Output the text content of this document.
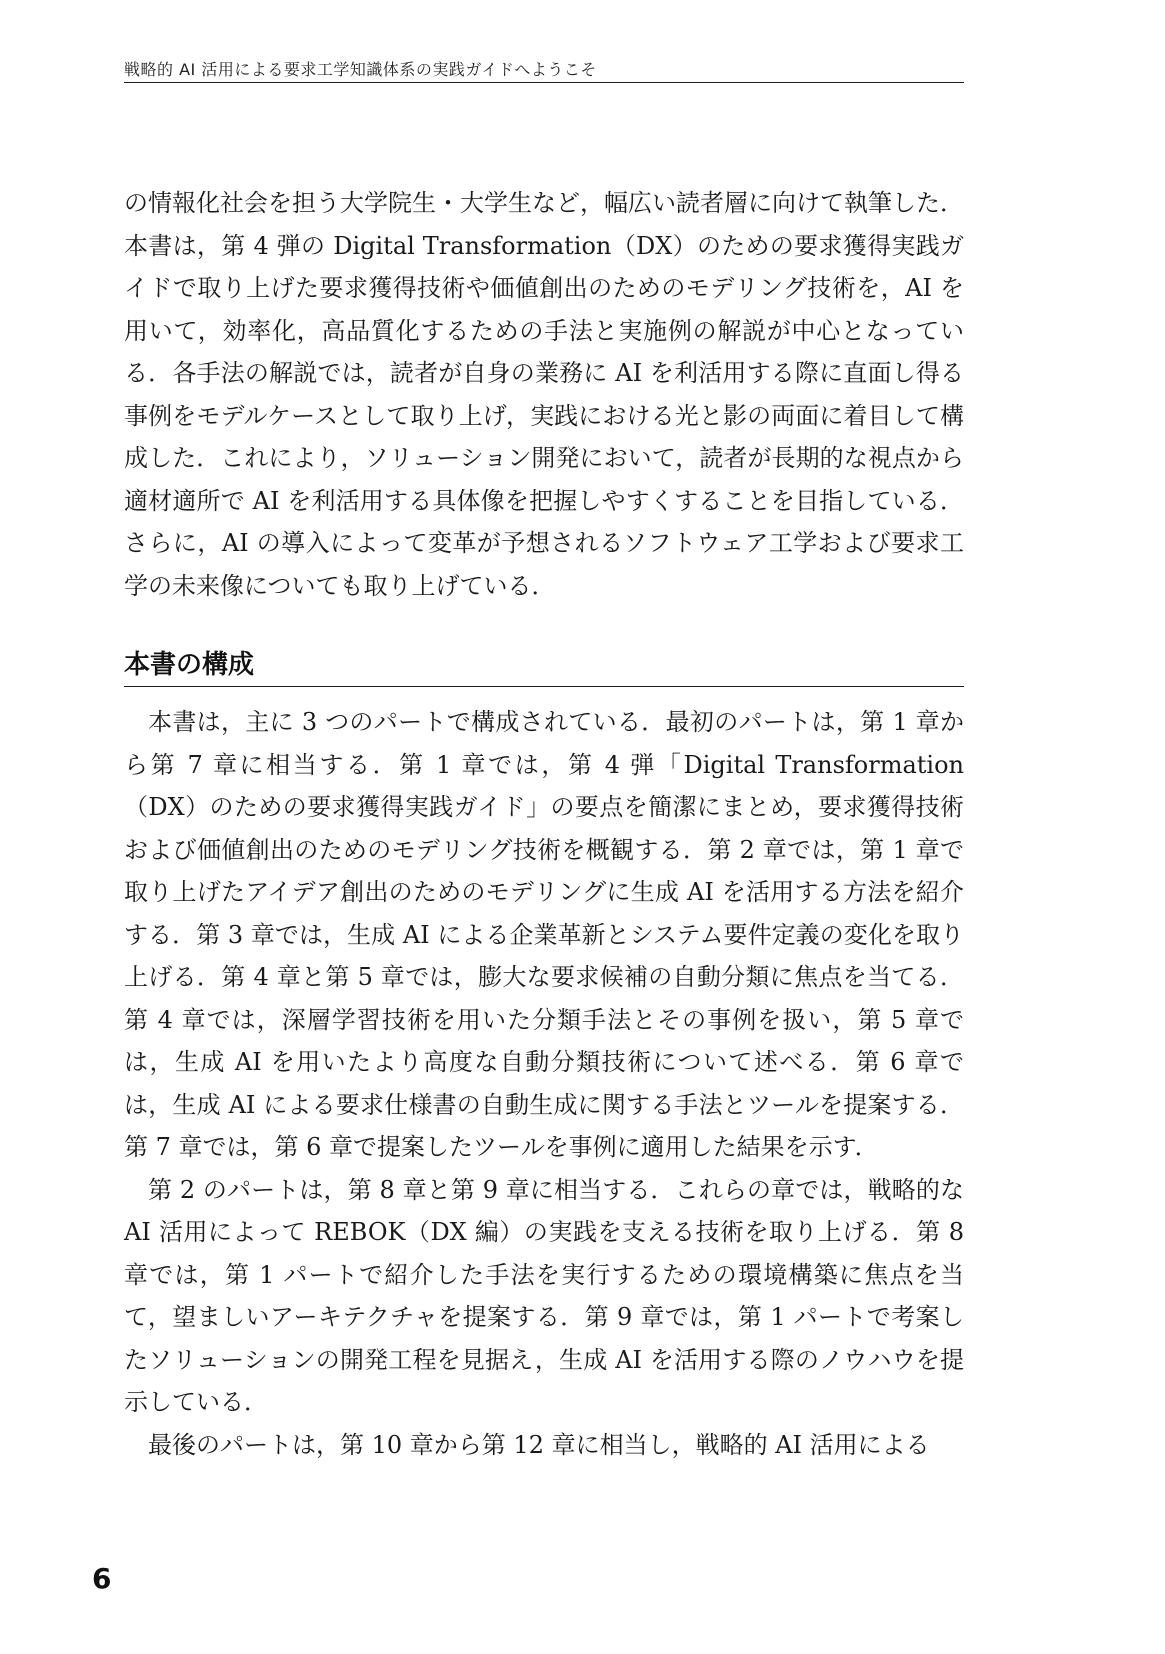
戦略的 AI 活用による要求工学知識体系の実践ガイドへようこそ

の情報化社会を担う大学院生・大学生など，幅広い読者層に向けて執筆した．本書は，第 4 弾の Digital Transformation（DX）のための要求獲得実践ガイドで取り上げた要求獲得技術や価値創出のためのモデリング技術を，AI を用いて，効率化，高品質化するための手法と実施例の解説が中心となっている．各手法の解説では，読者が自身の業務に AI を利活用する際に直面し得る事例をモデルケースとして取り上げ，実践における光と影の両面に着目して構成した．これにより，ソリューション開発において，読者が長期的な視点から適材適所で AI を利活用する具体像を把握しやすくすることを目指している．さらに，AI の導入によって変革が予想されるソフトウェア工学および要求工学の未来像についても取り上げている．

本書の構成

本書は，主に 3 つのパートで構成されている．最初のパートは，第 1 章から第 7 章に相当する．第 1 章では，第 4 弾「Digital Transformation（DX）のための要求獲得実践ガイド」の要点を簡潔にまとめ，要求獲得技術および価値創出のためのモデリング技術を概観する．第 2 章では，第 1 章で取り上げたアイデア創出のためのモデリングに生成 AI を活用する方法を紹介する．第 3 章では，生成 AI による企業革新とシステム要件定義の変化を取り上げる．第 4 章と第 5 章では，膨大な要求候補の自動分類に焦点を当てる．第 4 章では，深層学習技術を用いた分類手法とその事例を扱い，第 5 章では，生成 AI を用いたより高度な自動分類技術について述べる．第 6 章では，生成 AI による要求仕様書の自動生成に関する手法とツールを提案する．第 7 章では，第 6 章で提案したツールを事例に適用した結果を示す．

第 2 のパートは，第 8 章と第 9 章に相当する．これらの章では，戦略的な AI 活用によって REBOK（DX 編）の実践を支える技術を取り上げる．第 8 章では，第 1 パートで紹介した手法を実行するための環境構築に焦点を当て，望ましいアーキテクチャを提案する．第 9 章では，第 1 パートで考案したソリューションの開発工程を見据え，生成 AI を活用する際のノウハウを提示している．

最後のパートは，第 10 章から第 12 章に相当し，戦略的 AI 活用による

6
